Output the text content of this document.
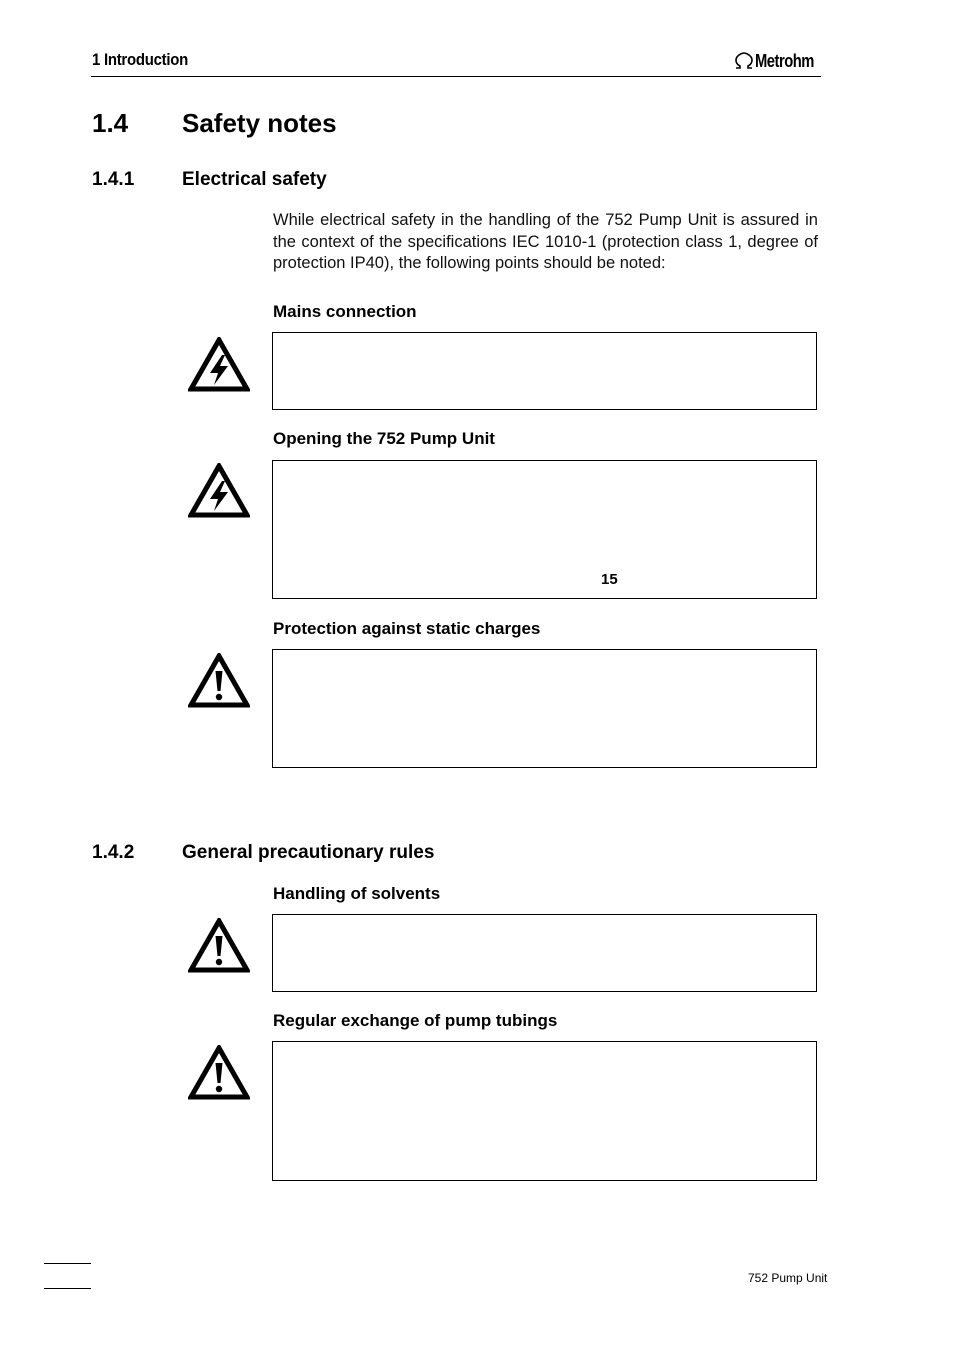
1 Introduction	Metrohm
1.4 Safety notes
1.4.1	Electrical safety
While electrical safety in the handling of the 752 Pump Unit is assured in the context of the specifications IEC 1010-1 (protection class 1, degree of protection IP40), the following points should be noted:
Mains connection
Opening the 752 Pump Unit
15
Protection against static charges
1.4.2	General precautionary rules
Handling of solvents
Regular exchange of pump tubings
752 Pump Unit
